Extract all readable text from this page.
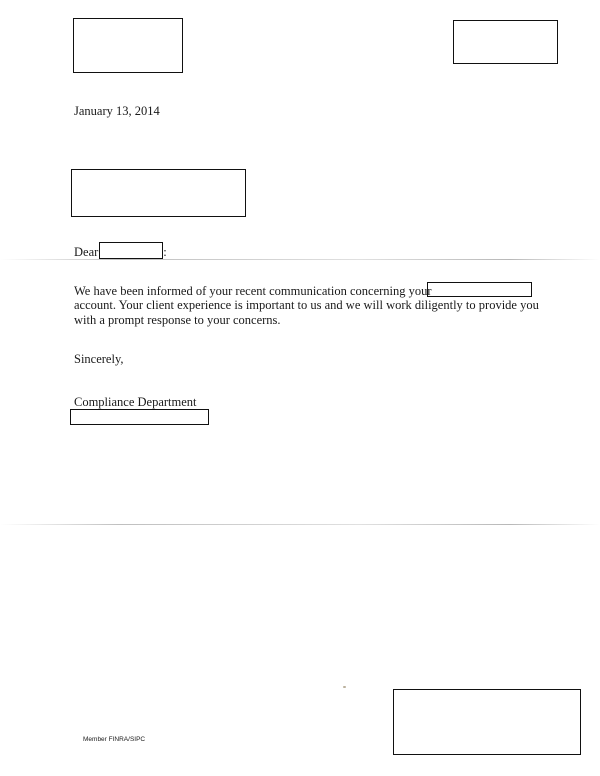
January 13, 2014
Dear	:
We have been informed of your recent communication concerning your
account. Your client experience is important to us and we will work diligently to provide you
with a prompt response to your concerns.
Sincerely,
Compliance Department
Member FINRA/SIPC
